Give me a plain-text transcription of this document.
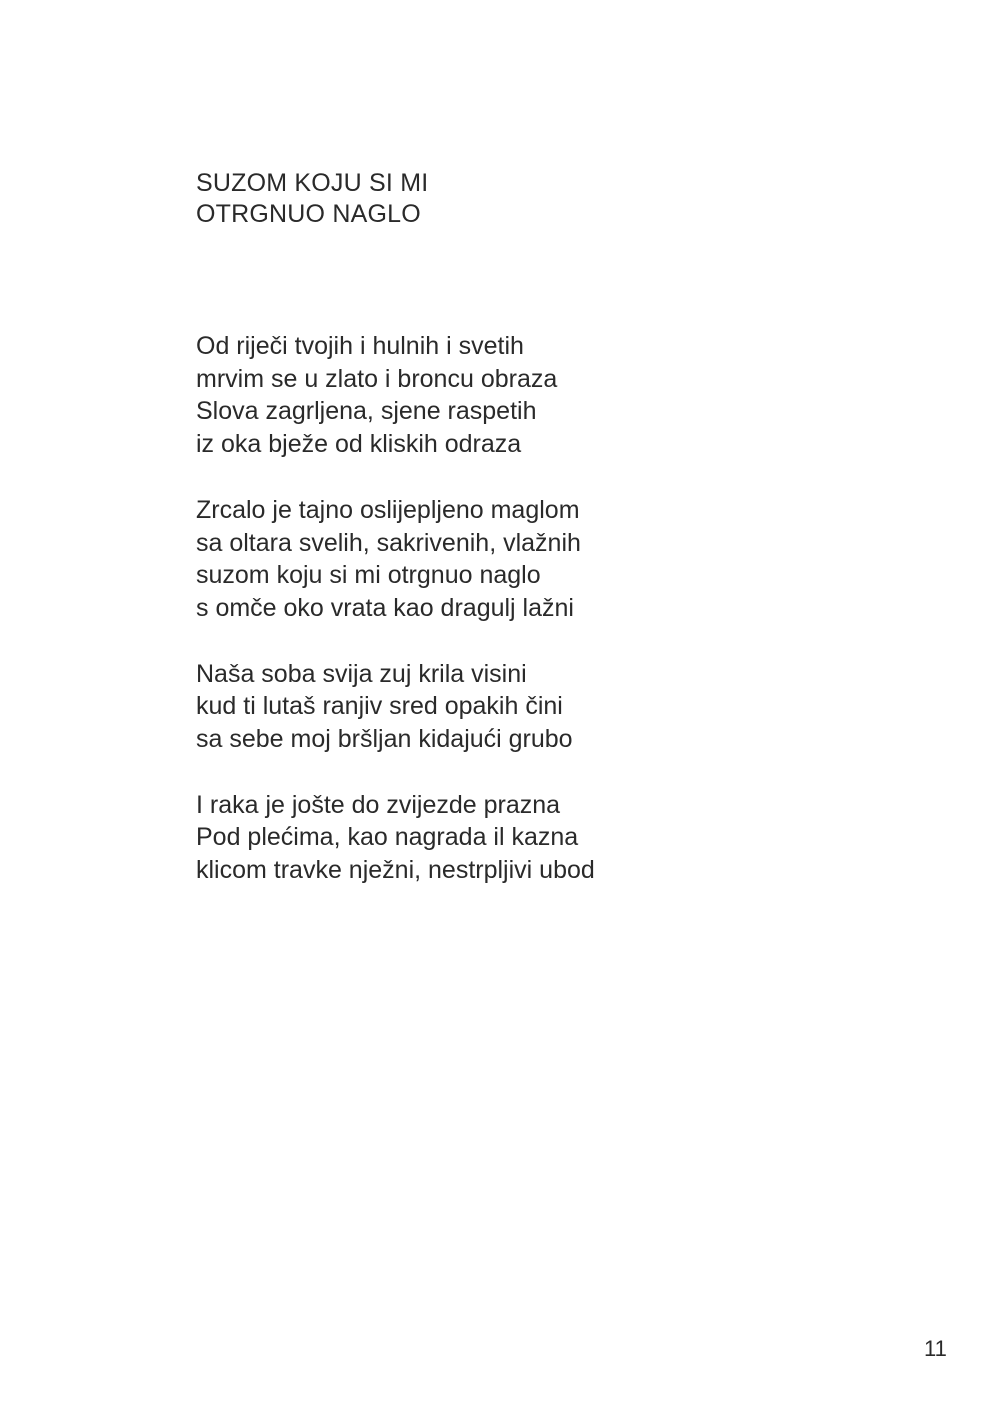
SUZOM KOJU SI MI
OTRGNUO NAGLO
Od riječi tvojih i hulnih i svetih
mrvim se u zlato i broncu obraza
Slova zagrljena, sjene raspetih
iz oka bježe od kliskih odraza
Zrcalo je tajno oslijepljeno maglom
sa oltara svelih, sakrivenih, vlažnih
suzom koju si mi otrgnuo naglo
s omče oko vrata kao dragulj lažni
Naša soba svija zuj krila visini
kud ti lutaš ranjiv sred opakih čini
sa sebe moj bršljan kidajući grubo
I raka je jošte do zvijezde prazna
Pod plećima, kao nagrada il kazna
klicom travke nježni, nestrpljivi ubod
11
